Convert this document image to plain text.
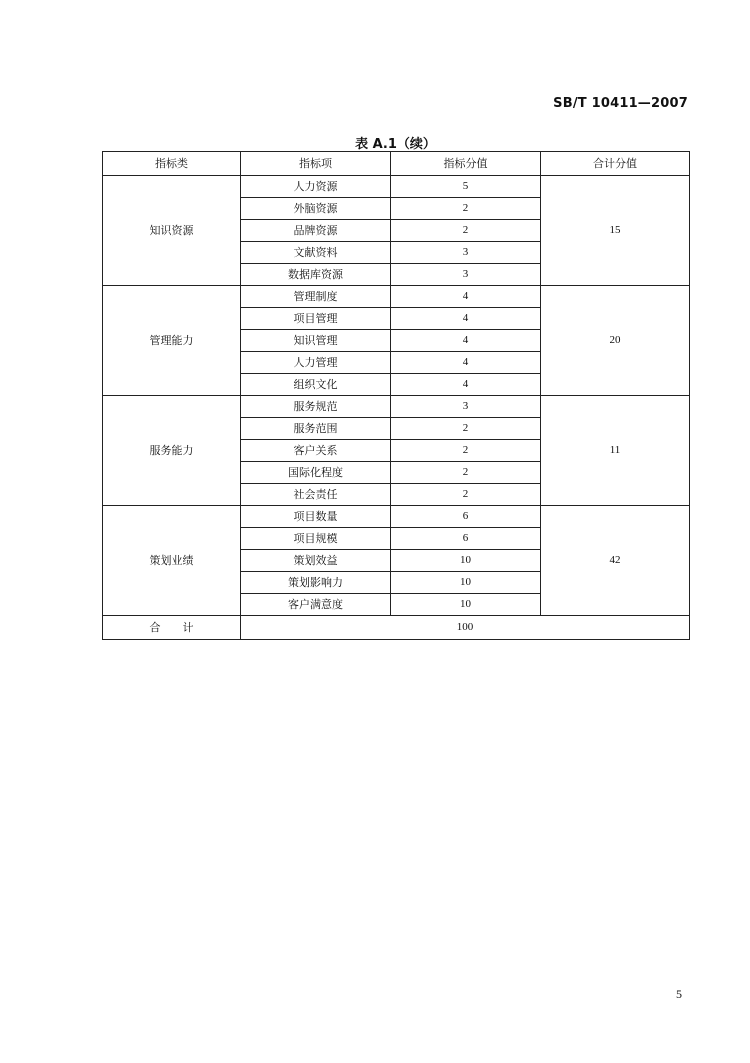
SB/T 10411—2007
表 A.1（续）
指标类	指标项	指标分值	合计分值
知识资源	人力资源	5	15
	外脑资源	2	
	品牌资源	2	
	文献资料	3	
	数据库资源	3	
管理能力	管理制度	4	20
	项目管理	4	
	知识管理	4	
	人力管理	4	
	组织文化	4	
服务能力	服务规范	3	11
	服务范围	2	
	客户关系	2	
	国际化程度	2	
	社会责任	2	
策划业绩	项目数量	6	42
	项目规模	6	
	策划效益	10	
	策划影响力	10	
	客户满意度	10	
合　　计	100		
5
